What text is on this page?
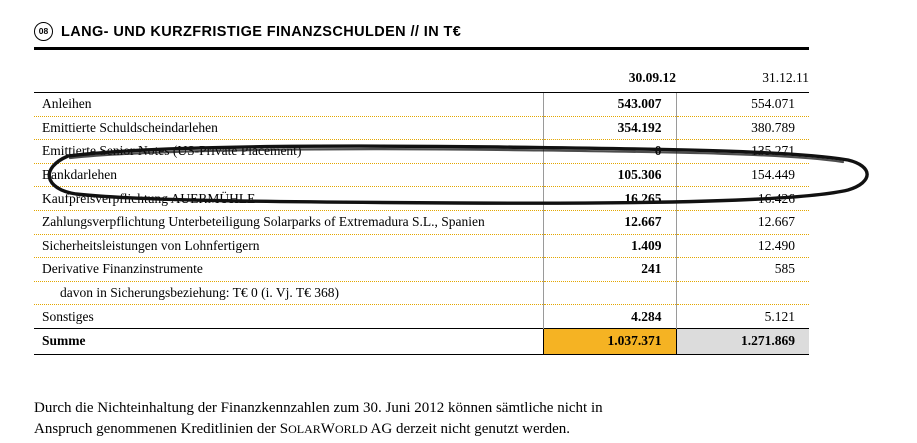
08 LANG- UND KURZFRISTIGE FINANZSCHULDEN // IN T€
	30.09.12	31.12.11
Anleihen	543.007	554.071
Emittierte Schuldscheindarlehen	354.192	380.789
Emittierte Senior Notes (US-Private Placement)	0	135.271
Bankdarlehen	105.306	154.449
Kaufpreisverpflichtung AUERMÜHLE	16.265	16.426
Zahlungsverpflichtung Unterbeteiligung Solarparks of Extremadura S.L., Spanien	12.667	12.667
Sicherheitsleistungen von Lohnfertigern	1.409	12.490
Derivative Finanzinstrumente	241	585
davon in Sicherungsbeziehung: T€ 0 (i. Vj. T€ 368)		
Sonstiges	4.284	5.121
Summe	1.037.371	1.271.869
Durch die Nichteinhaltung der Finanzkennzahlen zum 30. Juni 2012 können sämtliche nicht in
Anspruch genommenen Kreditlinien der SOLARWORLD AG derzeit nicht genutzt werden.
